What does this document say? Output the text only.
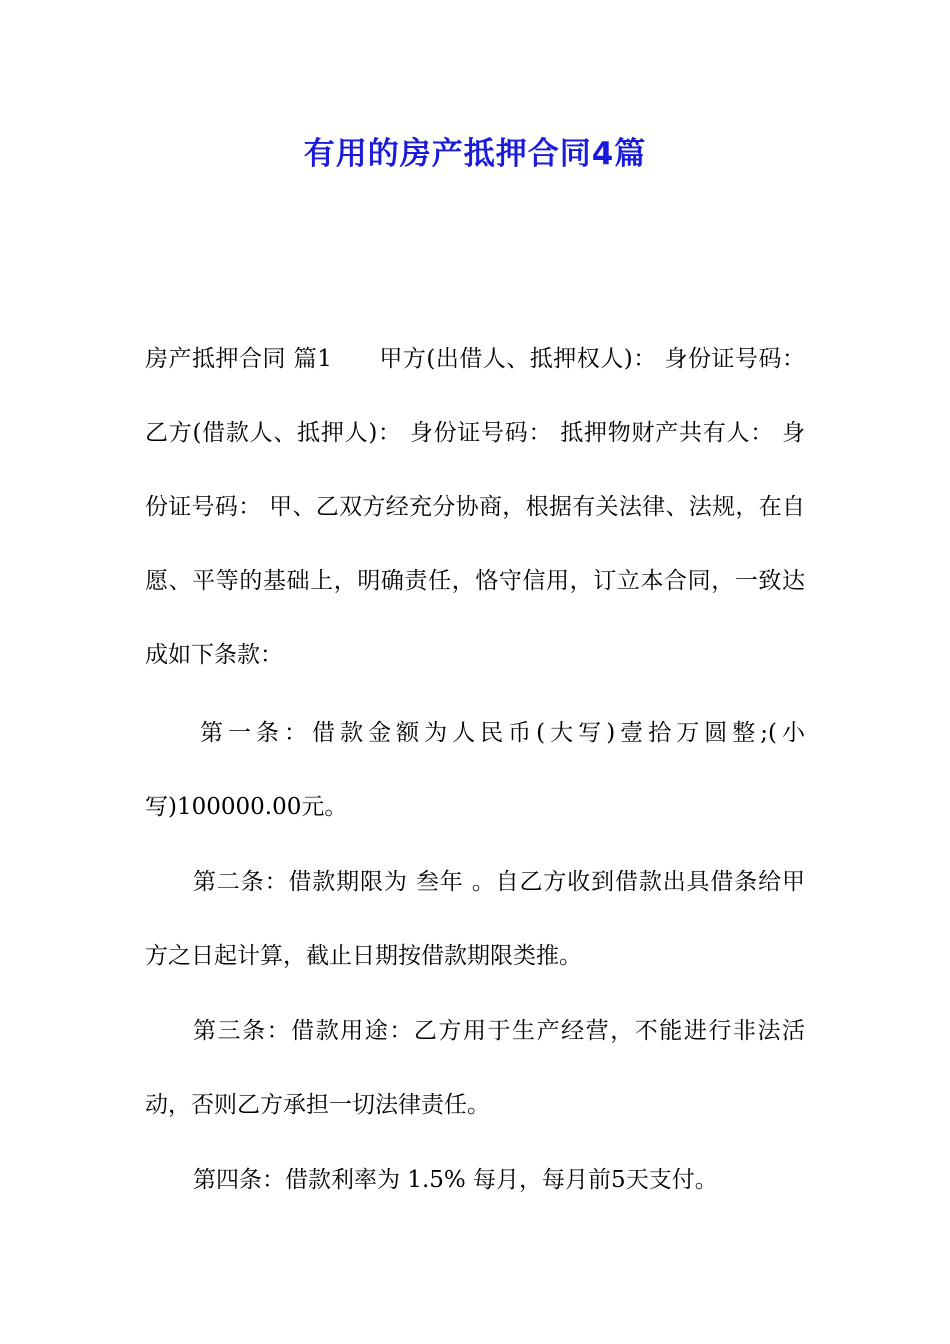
有用的房产抵押合同4篇

房产抵押合同 篇1　　甲方(出借人、抵押权人)： 身份证号码： 乙方(借款人、抵押人)： 身份证号码： 抵押物财产共有人： 身份证号码： 甲、乙双方经充分协商，根据有关法律、法规，在自愿、平等的基础上，明确责任，恪守信用，订立本合同，一致达成如下条款：

第一条：借款金额为人民币(大写)壹拾万圆整;(小写)100000.00元。

第二条：借款期限为 叁年 。自乙方收到借款出具借条给甲方之日起计算，截止日期按借款期限类推。

第三条：借款用途：乙方用于生产经营，不能进行非法活动，否则乙方承担一切法律责任。

第四条：借款利率为 1.5% 每月，每月前5天支付。
